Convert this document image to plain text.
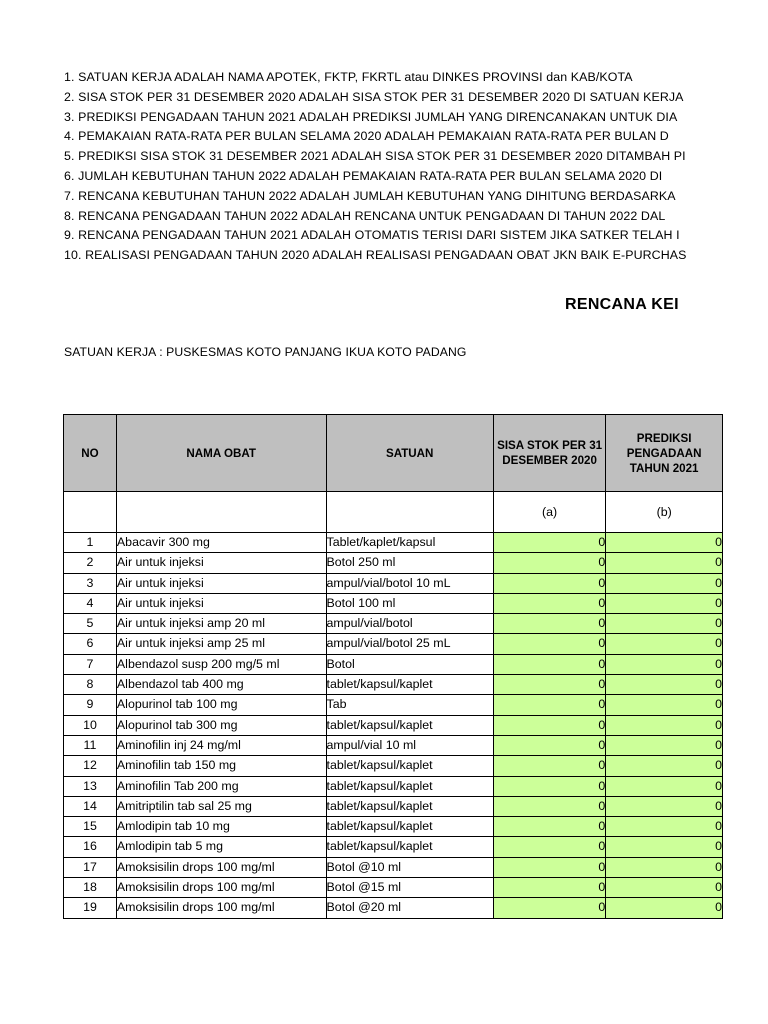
1. SATUAN KERJA ADALAH NAMA APOTEK, FKTP, FKRTL atau DINKES PROVINSI dan KAB/KOTA
2. SISA STOK PER 31 DESEMBER 2020 ADALAH SISA STOK PER 31 DESEMBER 2020 DI SATUAN KERJA
3. PREDIKSI PENGADAAN TAHUN 2021 ADALAH PREDIKSI JUMLAH YANG DIRENCANAKAN UNTUK DIA
4. PEMAKAIAN RATA-RATA PER BULAN SELAMA 2020 ADALAH PEMAKAIAN RATA-RATA PER BULAN D
5. PREDIKSI SISA STOK 31 DESEMBER 2021 ADALAH SISA STOK PER 31 DESEMBER 2020 DITAMBAH PI
6. JUMLAH KEBUTUHAN TAHUN 2022 ADALAH PEMAKAIAN RATA-RATA PER BULAN SELAMA 2020 DI
7. RENCANA KEBUTUHAN TAHUN 2022 ADALAH JUMLAH KEBUTUHAN YANG DIHITUNG BERDASARKA
8. RENCANA PENGADAAN TAHUN 2022 ADALAH RENCANA UNTUK PENGADAAN DI TAHUN 2022 DAL
9. RENCANA PENGADAAN TAHUN 2021 ADALAH OTOMATIS TERISI DARI SISTEM JIKA SATKER TELAH I
10. REALISASI PENGADAAN TAHUN 2020 ADALAH REALISASI PENGADAAN OBAT JKN BAIK E-PURCHAS
RENCANA KEI
SATUAN KERJA : PUSKESMAS KOTO PANJANG IKUA KOTO PADANG
NO	NAMA OBAT	SATUAN	SISA STOK PER 31 DESEMBER 2020	PREDIKSI PENGADAAN TAHUN 2021
			(a)	(b)
1	Abacavir 300 mg	Tablet/kaplet/kapsul	0	0
2	Air untuk injeksi	Botol 250 ml	0	0
3	Air untuk injeksi	ampul/vial/botol 10 mL	0	0
4	Air untuk injeksi	Botol 100 ml	0	0
5	Air untuk injeksi amp 20 ml	ampul/vial/botol	0	0
6	Air untuk injeksi amp 25 ml	ampul/vial/botol 25 mL	0	0
7	Albendazol susp 200 mg/5 ml	Botol	0	0
8	Albendazol tab 400 mg	tablet/kapsul/kaplet	0	0
9	Alopurinol tab 100 mg	Tab	0	0
10	Alopurinol tab 300 mg	tablet/kapsul/kaplet	0	0
11	Aminofilin inj 24 mg/ml	ampul/vial 10 ml	0	0
12	Aminofilin tab 150 mg	tablet/kapsul/kaplet	0	0
13	Aminofilin Tab 200 mg	tablet/kapsul/kaplet	0	0
14	Amitriptilin tab sal 25 mg	tablet/kapsul/kaplet	0	0
15	Amlodipin tab 10 mg	tablet/kapsul/kaplet	0	0
16	Amlodipin tab 5 mg	tablet/kapsul/kaplet	0	0
17	Amoksisilin drops 100 mg/ml	Botol @10 ml	0	0
18	Amoksisilin drops 100 mg/ml	Botol @15 ml	0	0
19	Amoksisilin drops 100 mg/ml	Botol @20 ml	0	0
